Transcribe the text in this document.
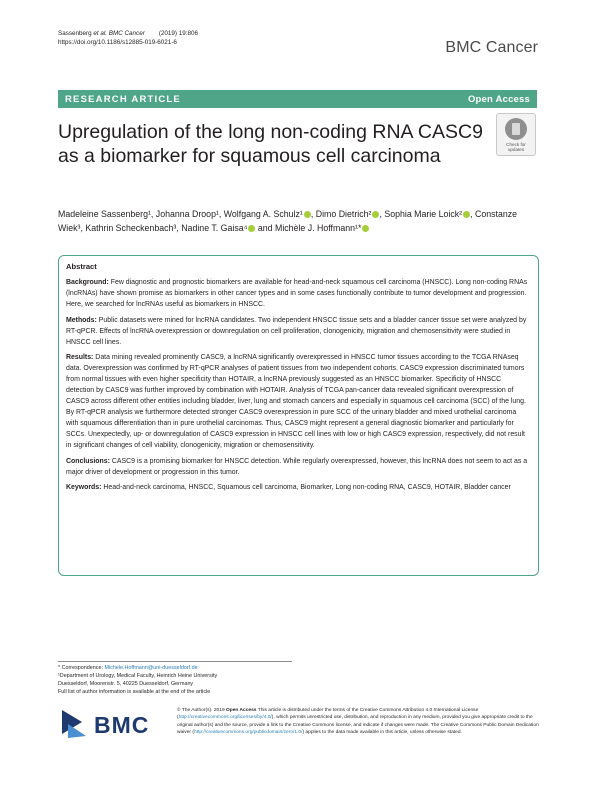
Sassenberg et al. BMC Cancer (2019) 19:806
https://doi.org/10.1186/s12885-019-6021-6	BMC Cancer
RESEARCH ARTICLE	Open Access
Upregulation of the long non-coding RNA CASC9 as a biomarker for squamous cell carcinoma
Check for
updates
Madeleine Sassenberg¹, Johanna Droop¹, Wolfgang A. Schulz¹ , Dimo Dietrich² , Sophia Marie Loick² , Constanze Wiek³, Kathrin Scheckenbach³, Nadine T. Gaisa⁴ and Michèle J. Hoffmann¹*
Abstract

Background: Few diagnostic and prognostic biomarkers are available for head-and-neck squamous cell carcinoma (HNSCC). Long non-coding RNAs (lncRNAs) have shown promise as biomarkers in other cancer types and in some cases functionally contribute to tumor development and progression. Here, we searched for lncRNAs useful as biomarkers in HNSCC.

Methods: Public datasets were mined for lncRNA candidates. Two independent HNSCC tissue sets and a bladder cancer tissue set were analyzed by RT-qPCR. Effects of lncRNA overexpression or downregulation on cell proliferation, clonogenicity, migration and chemosensitivity were studied in HNSCC cell lines.

Results: Data mining revealed prominently CASC9, a lncRNA significantly overexpressed in HNSCC tumor tissues according to the TCGA RNAseq data. Overexpression was confirmed by RT-qPCR analyses of patient tissues from two independent cohorts. CASC9 expression discriminated tumors from normal tissues with even higher specificity than HOTAIR, a lncRNA previously suggested as an HNSCC biomarker. Specificity of HNSCC detection by CASC9 was further improved by combination with HOTAIR. Analysis of TCGA pan-cancer data revealed significant overexpression of CASC9 across different other entities including bladder, liver, lung and stomach cancers and especially in squamous cell carcinoma (SCC) of the lung. By RT-qPCR analysis we furthermore detected stronger CASC9 overexpression in pure SCC of the urinary bladder and mixed urothelial carcinoma with squamous differentiation than in pure urothelial carcinomas. Thus, CASC9 might represent a general diagnostic biomarker and particularly for SCCs. Unexpectedly, up- or downregulation of CASC9 expression in HNSCC cell lines with low or high CASC9 expression, respectively, did not result in significant changes of cell viability, clonogenicity, migration or chemosensitivity.

Conclusions: CASC9 is a promising biomarker for HNSCC detection. While regularly overexpressed, however, this lncRNA does not seem to act as a major driver of development or progression in this tumor.

Keywords: Head-and-neck carcinoma, HNSCC, Squamous cell carcinoma, Biomarker, Long non-coding RNA, CASC9, HOTAIR, Bladder cancer

* Correspondence: Michele.Hoffmann@uni-duesseldorf.de
¹Department of Urology, Medical Faculty, Heinrich Heine University
Duesseldorf, Moorenstr. 5, 40225 Duesseldorf, Germany
Full list of author information is available at the end of the article
BMC
© The Author(s). 2019 Open Access This article is distributed under the terms of the Creative Commons Attribution 4.0 International License (http://creativecommons.org/licenses/by/4.0/), which permits unrestricted use, distribution, and reproduction in any medium, provided you give appropriate credit to the original author(s) and the source, provide a link to the Creative Commons license, and indicate if changes were made. The Creative Commons Public Domain Dedication waiver (http://creativecommons.org/publicdomain/zero/1.0/) applies to the data made available in this article, unless otherwise stated.
